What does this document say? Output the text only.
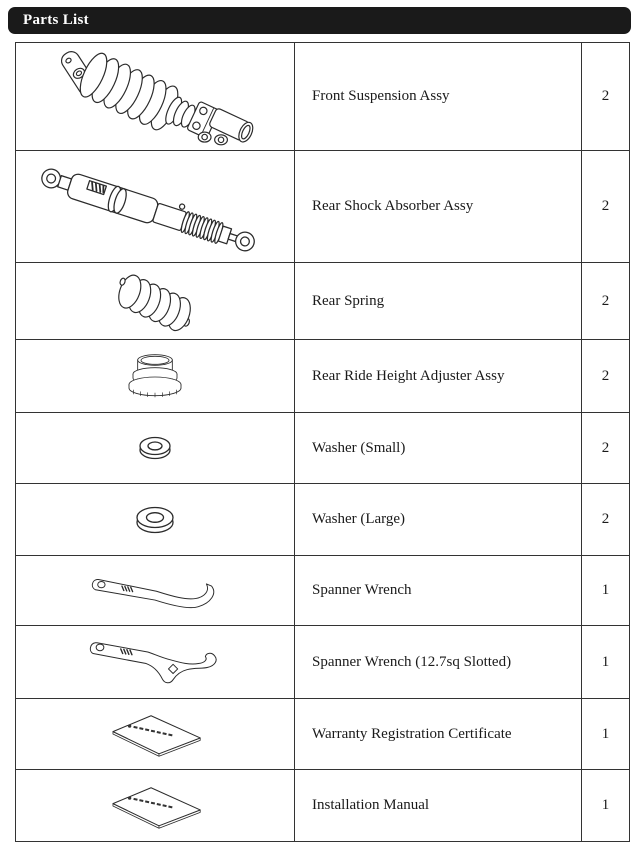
Parts List
Front Suspension Assy	2
Rear Shock Absorber Assy	2
Rear Spring	2
Rear Ride Height Adjuster Assy	2
Washer (Small)	2
Washer (Large)	2
Spanner Wrench	1
Spanner Wrench (12.7sq Slotted)	1
Warranty Registration Certificate	1
Installation Manual	1
